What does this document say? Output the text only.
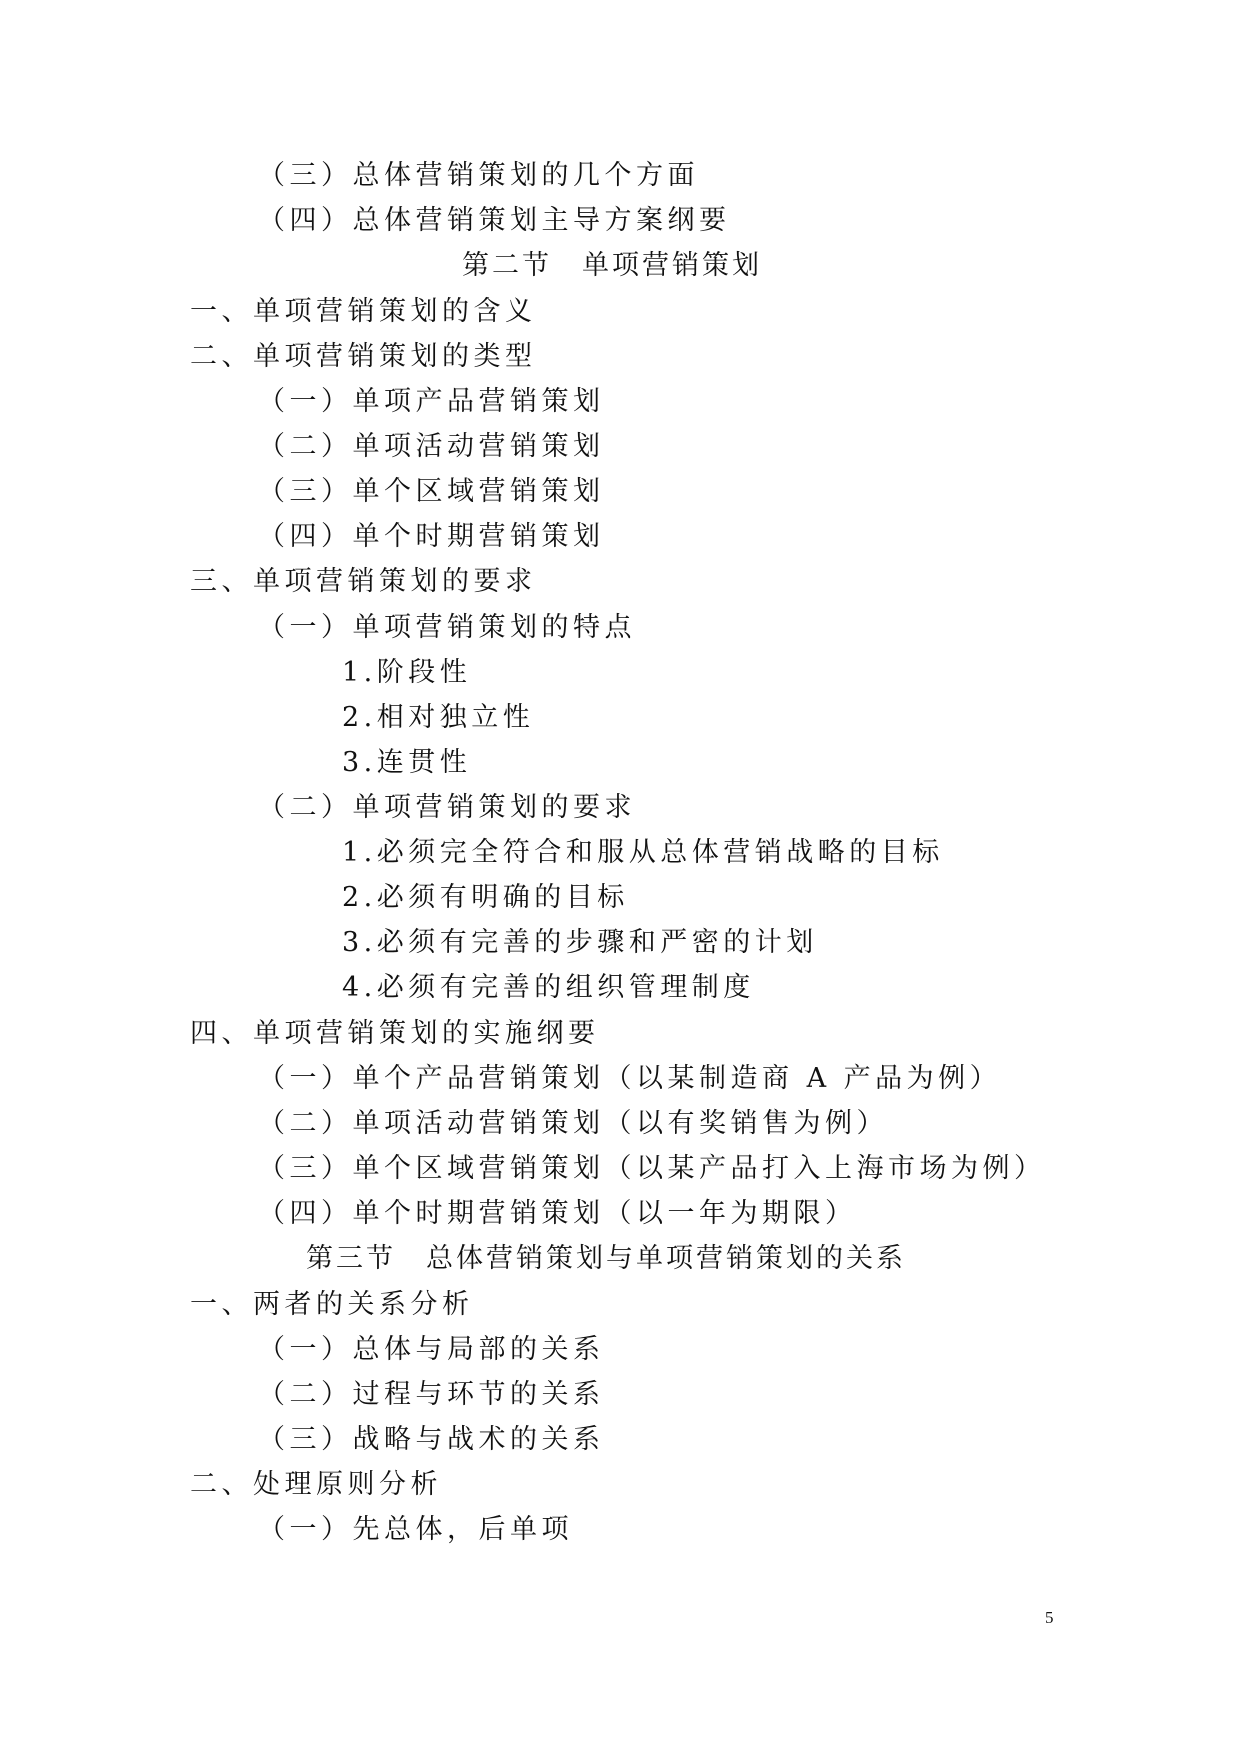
（三）总体营销策划的几个方面
（四）总体营销策划主导方案纲要
第二节　单项营销策划
一、单项营销策划的含义
二、单项营销策划的类型
（一）单项产品营销策划
（二）单项活动营销策划
（三）单个区域营销策划
（四）单个时期营销策划
三、单项营销策划的要求
（一）单项营销策划的特点
1.阶段性
2.相对独立性
3.连贯性
（二）单项营销策划的要求
1.必须完全符合和服从总体营销战略的目标
2.必须有明确的目标
3.必须有完善的步骤和严密的计划
4.必须有完善的组织管理制度
四、单项营销策划的实施纲要
（一）单个产品营销策划（以某制造商 A 产品为例）
（二）单项活动营销策划（以有奖销售为例）
（三）单个区域营销策划（以某产品打入上海市场为例）
（四）单个时期营销策划（以一年为期限）
第三节　总体营销策划与单项营销策划的关系
一、两者的关系分析
（一）总体与局部的关系
（二）过程与环节的关系
（三）战略与战术的关系
二、处理原则分析
（一）先总体，后单项
5
